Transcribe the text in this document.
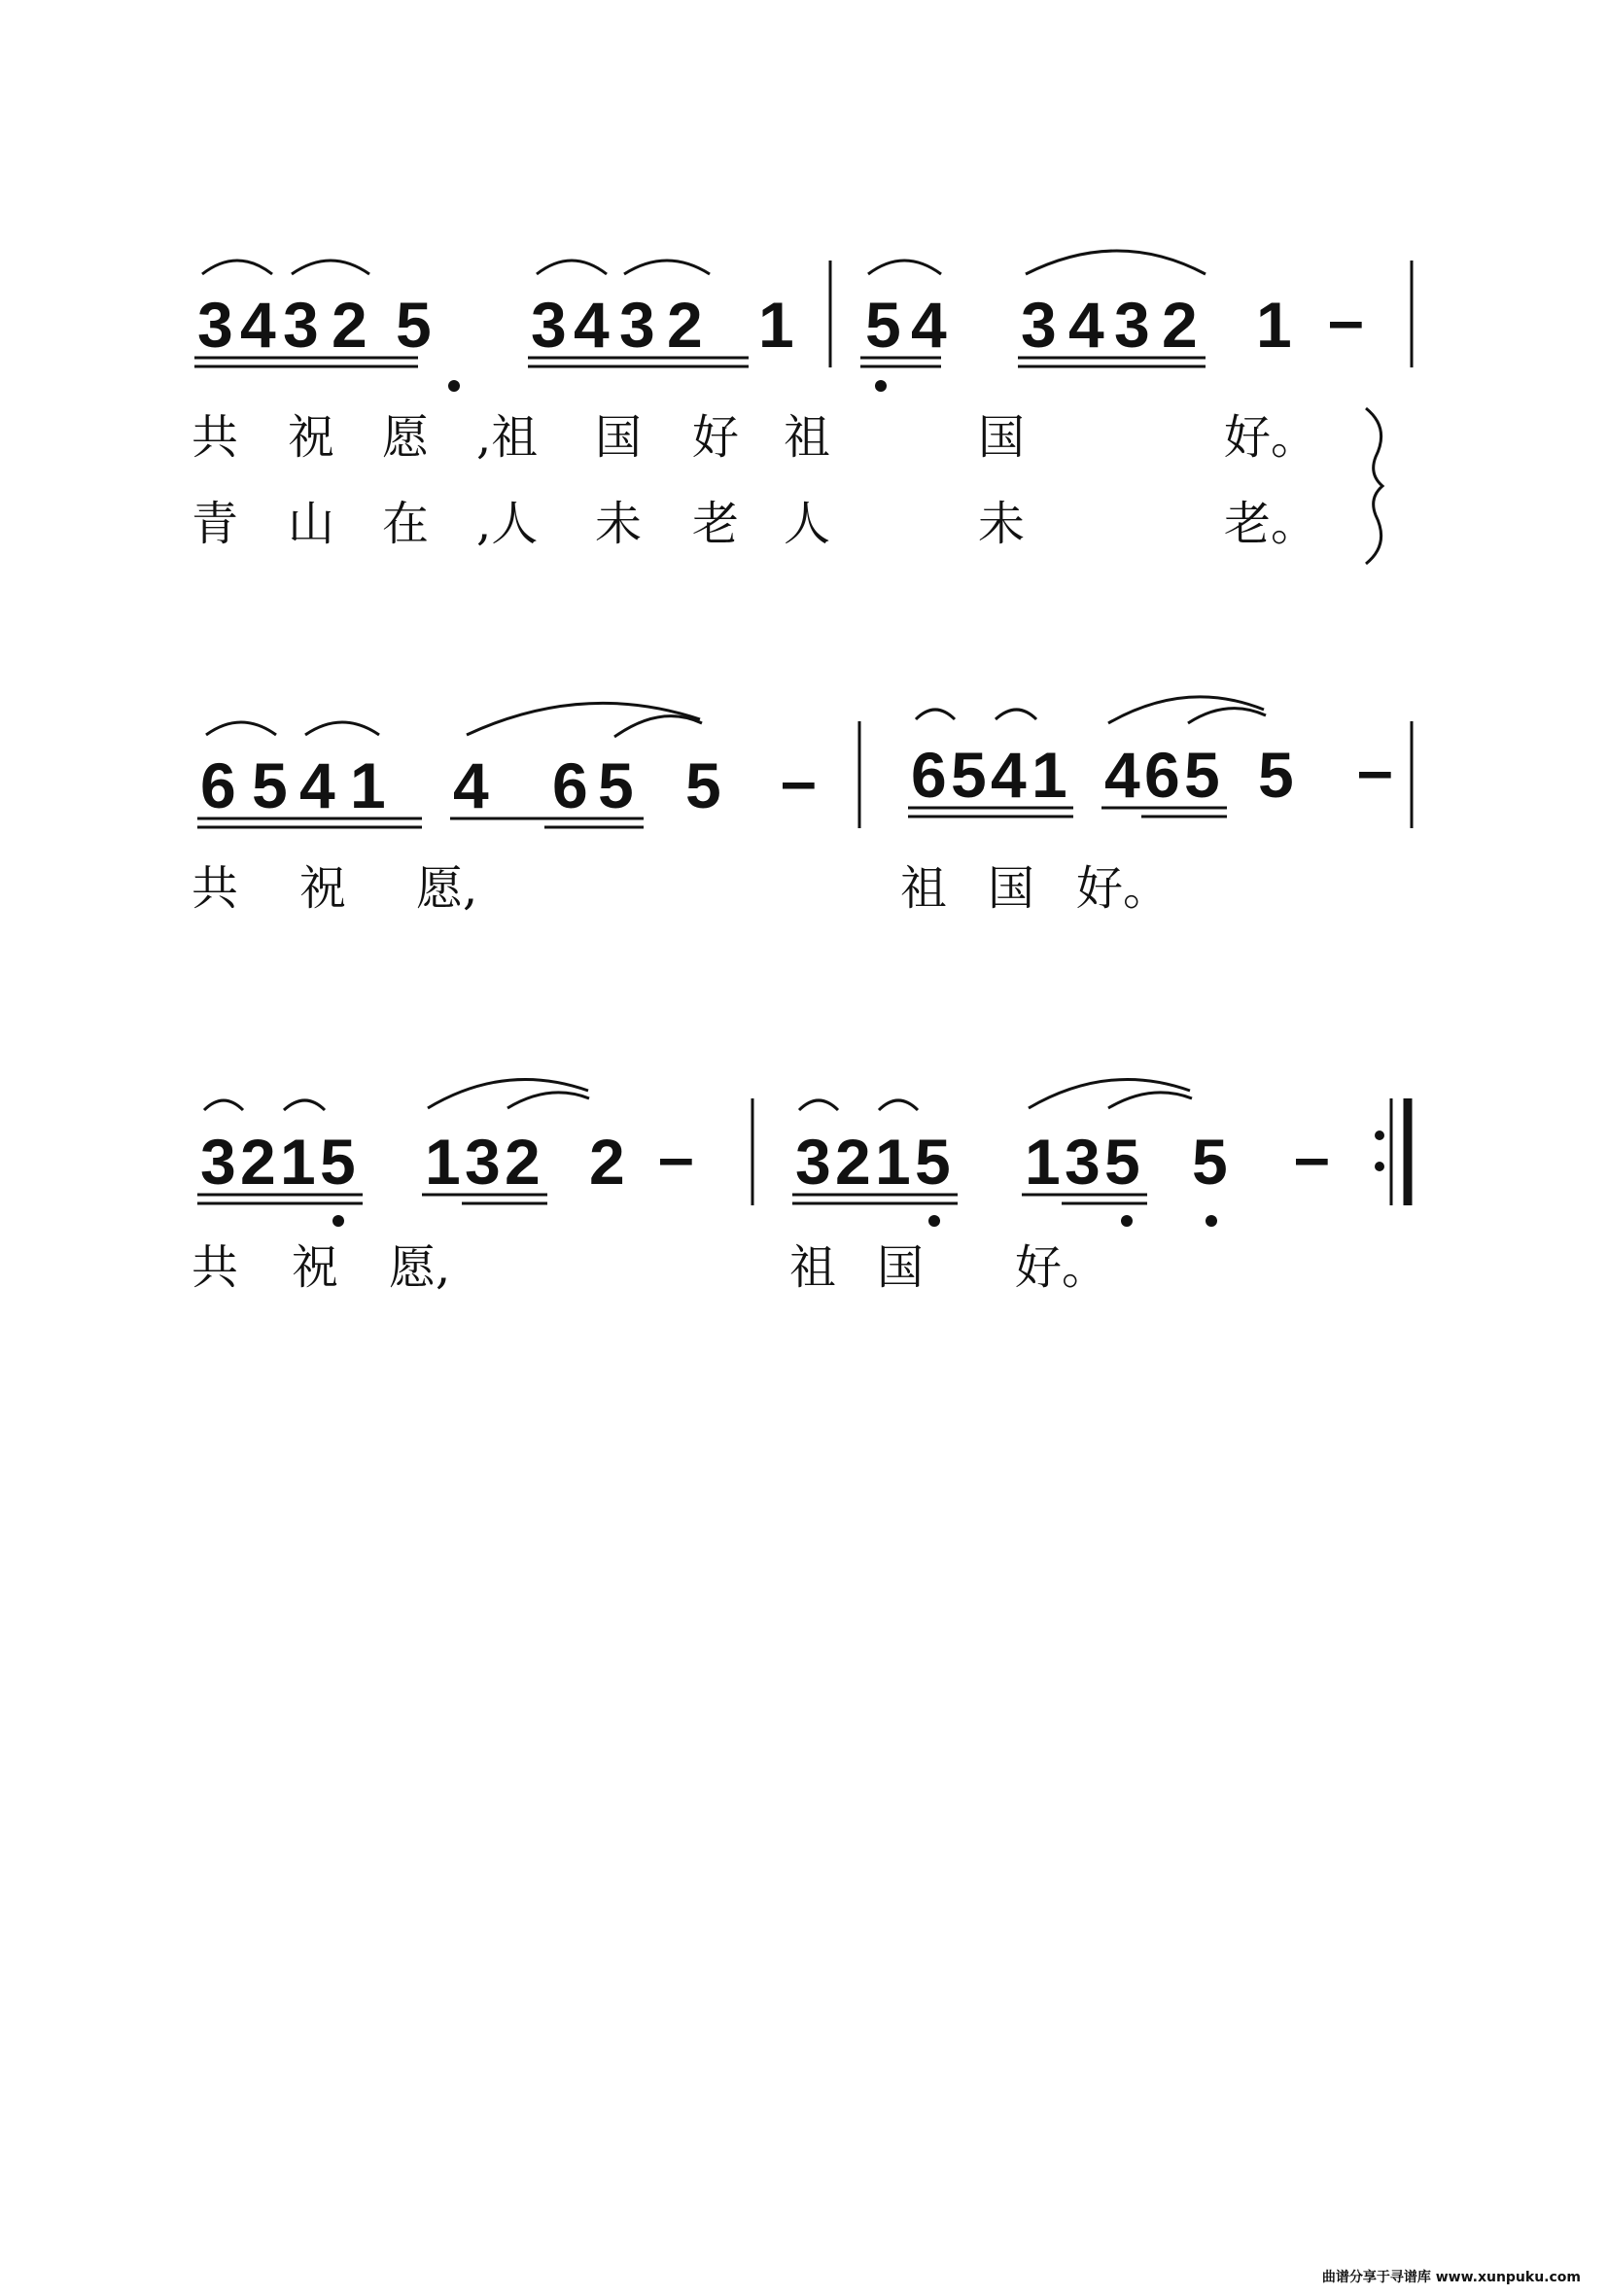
3 4 3 2 5 3 4 3 2 1 5 4 3 4 3 2 1 –
共 祝 愿 ,祖 国 好 祖	国	好。
青 山 在 ,人 未 老 人	未	老。
6 5 4 1 4 6 5 5 – 6 5 4 1 4 6 5 5 –
共 祝 愿,	祖 国 好。
3 2 1 5 1 3 2 2 – 3 2 1 5 1 3 5 5 –
共 祝 愿,	祖 国 好。
曲谱分享于寻谱库 www.xunpuku.com
